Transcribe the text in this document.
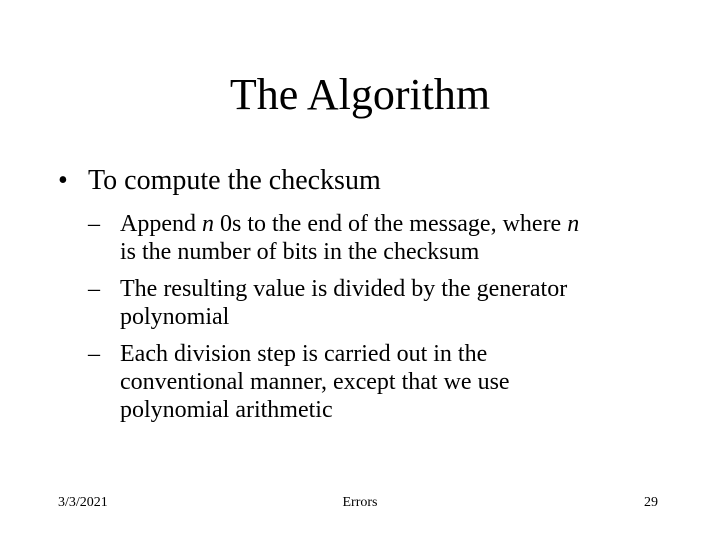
The Algorithm
• To compute the checksum
– Append n 0s to the end of the message, where n
is the number of bits in the checksum
– The resulting value is divided by the generator
polynomial
– Each division step is carried out in the
conventional manner, except that we use
polynomial arithmetic
3/3/2021	Errors	29
